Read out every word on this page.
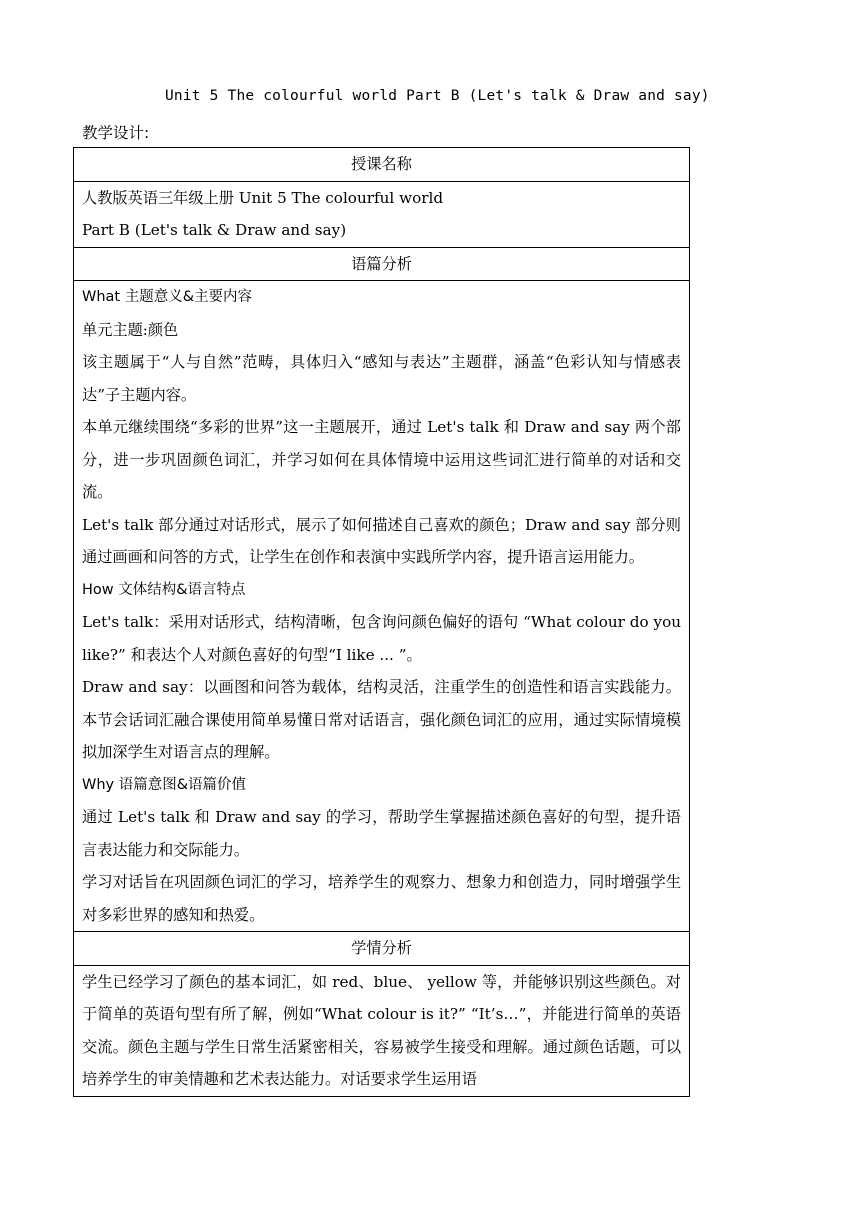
Unit 5 The colourful world Part B (Let's talk & Draw and say)
教学设计:
授课名称

人教版英语三年级上册 Unit 5 The colourful world

Part B (Let's talk & Draw and say)

语篇分析

What 主题意义&主要内容

单元主题:颜色

该主题属于“人与自然”范畴，具体归入“感知与表达”主题群，涵盖“色彩认知与情感表达”子主题内容。

本单元继续围绕“多彩的世界”这一主题展开，通过 Let's talk 和 Draw and say 两个部分，进一步巩固颜色词汇，并学习如何在具体情境中运用这些词汇进行简单的对话和交流。

Let's talk 部分通过对话形式，展示了如何描述自己喜欢的颜色；Draw and say 部分则通过画画和问答的方式，让学生在创作和表演中实践所学内容，提升语言运用能力。

How 文体结构&语言特点

Let's talk：采用对话形式，结构清晰，包含询问颜色偏好的语句 “What colour do you like?” 和表达个人对颜色喜好的句型“I like ... ”。

Draw and say：以画图和问答为载体，结构灵活，注重学生的创造性和语言实践能力。本节会话词汇融合课使用简单易懂日常对话语言，强化颜色词汇的应用，通过实际情境模拟加深学生对语言点的理解。

Why 语篇意图&语篇价值

通过 Let's talk 和 Draw and say 的学习，帮助学生掌握描述颜色喜好的句型，提升语言表达能力和交际能力。

学习对话旨在巩固颜色词汇的学习，培养学生的观察力、想象力和创造力，同时增强学生对多彩世界的感知和热爱。

学情分析

学生已经学习了颜色的基本词汇，如 red、blue、 yellow 等，并能够识别这些颜色。对于简单的英语句型有所了解，例如“What colour is it?” “It’s…”，并能进行简单的英语交流。颜色主题与学生日常生活紧密相关，容易被学生接受和理解。通过颜色话题，可以培养学生的审美情趣和艺术表达能力。对话要求学生运用语
